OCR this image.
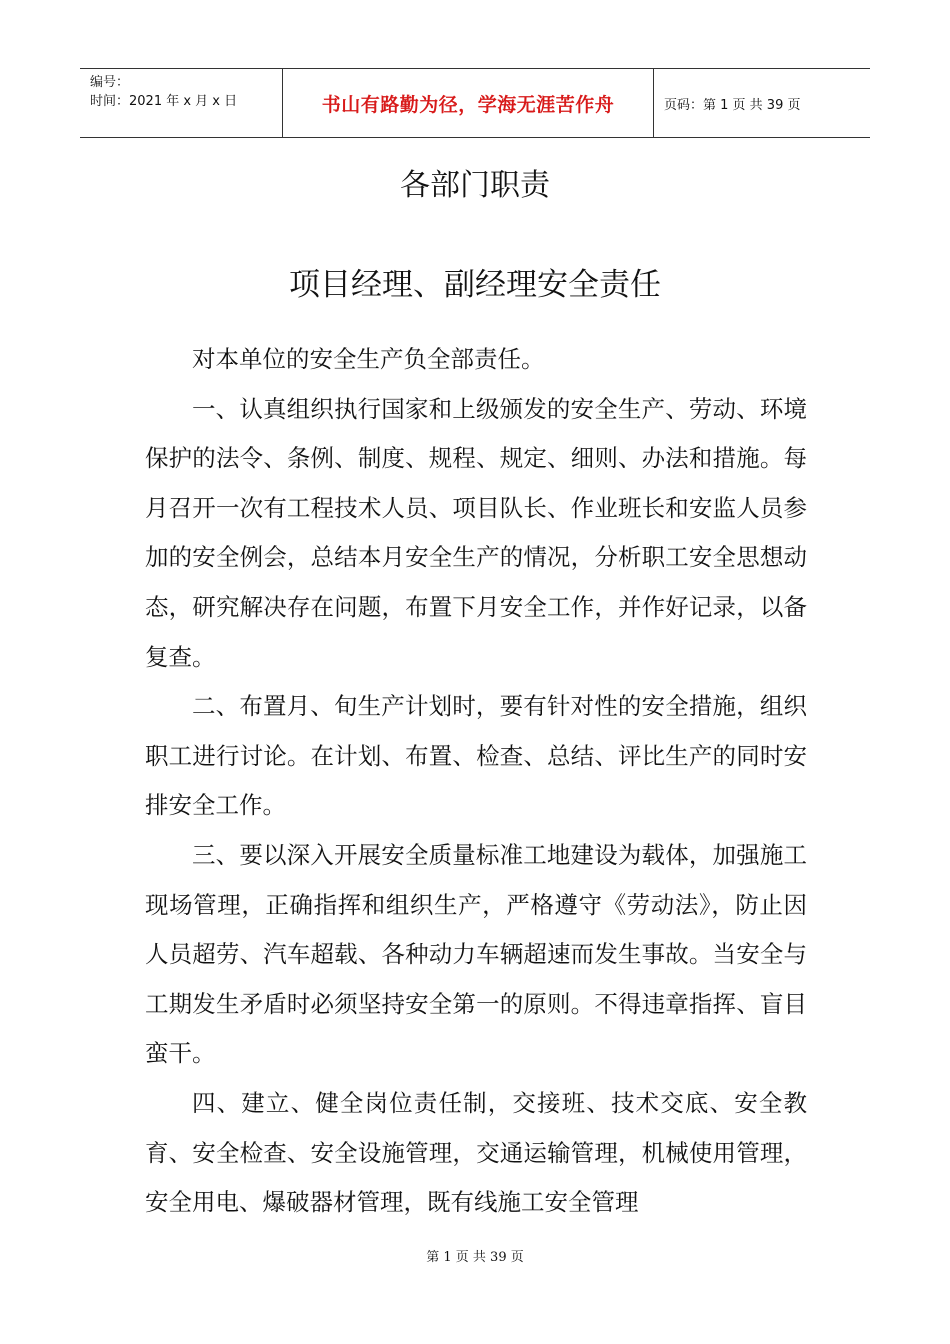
编号：
时间：2021 年 x 月 x 日	书山有路勤为径，学海无涯苦作舟	页码：第 1 页 共 39 页
各部门职责
项目经理、副经理安全责任

对本单位的安全生产负全部责任。

一、认真组织执行国家和上级颁发的安全生产、劳动、环境保护的法令、条例、制度、规程、规定、细则、办法和措施。每月召开一次有工程技术人员、项目队长、作业班长和安监人员参加的安全例会，总结本月安全生产的情况，分析职工安全思想动态，研究解决存在问题，布置下月安全工作，并作好记录，以备复查。

二、布置月、旬生产计划时，要有针对性的安全措施，组织职工进行讨论。在计划、布置、检查、总结、评比生产的同时安排安全工作。

三、要以深入开展安全质量标准工地建设为载体，加强施工现场管理，正确指挥和组织生产，严格遵守《劳动法》，防止因人员超劳、汽车超载、各种动力车辆超速而发生事故。当安全与工期发生矛盾时必须坚持安全第一的原则。不得违章指挥、盲目蛮干。

四、建立、健全岗位责任制，交接班、技术交底、安全教育、安全检查、安全设施管理，交通运输管理，机械使用管理，安全用电、爆破器材管理，既有线施工安全管理

第 1 页 共 39 页
